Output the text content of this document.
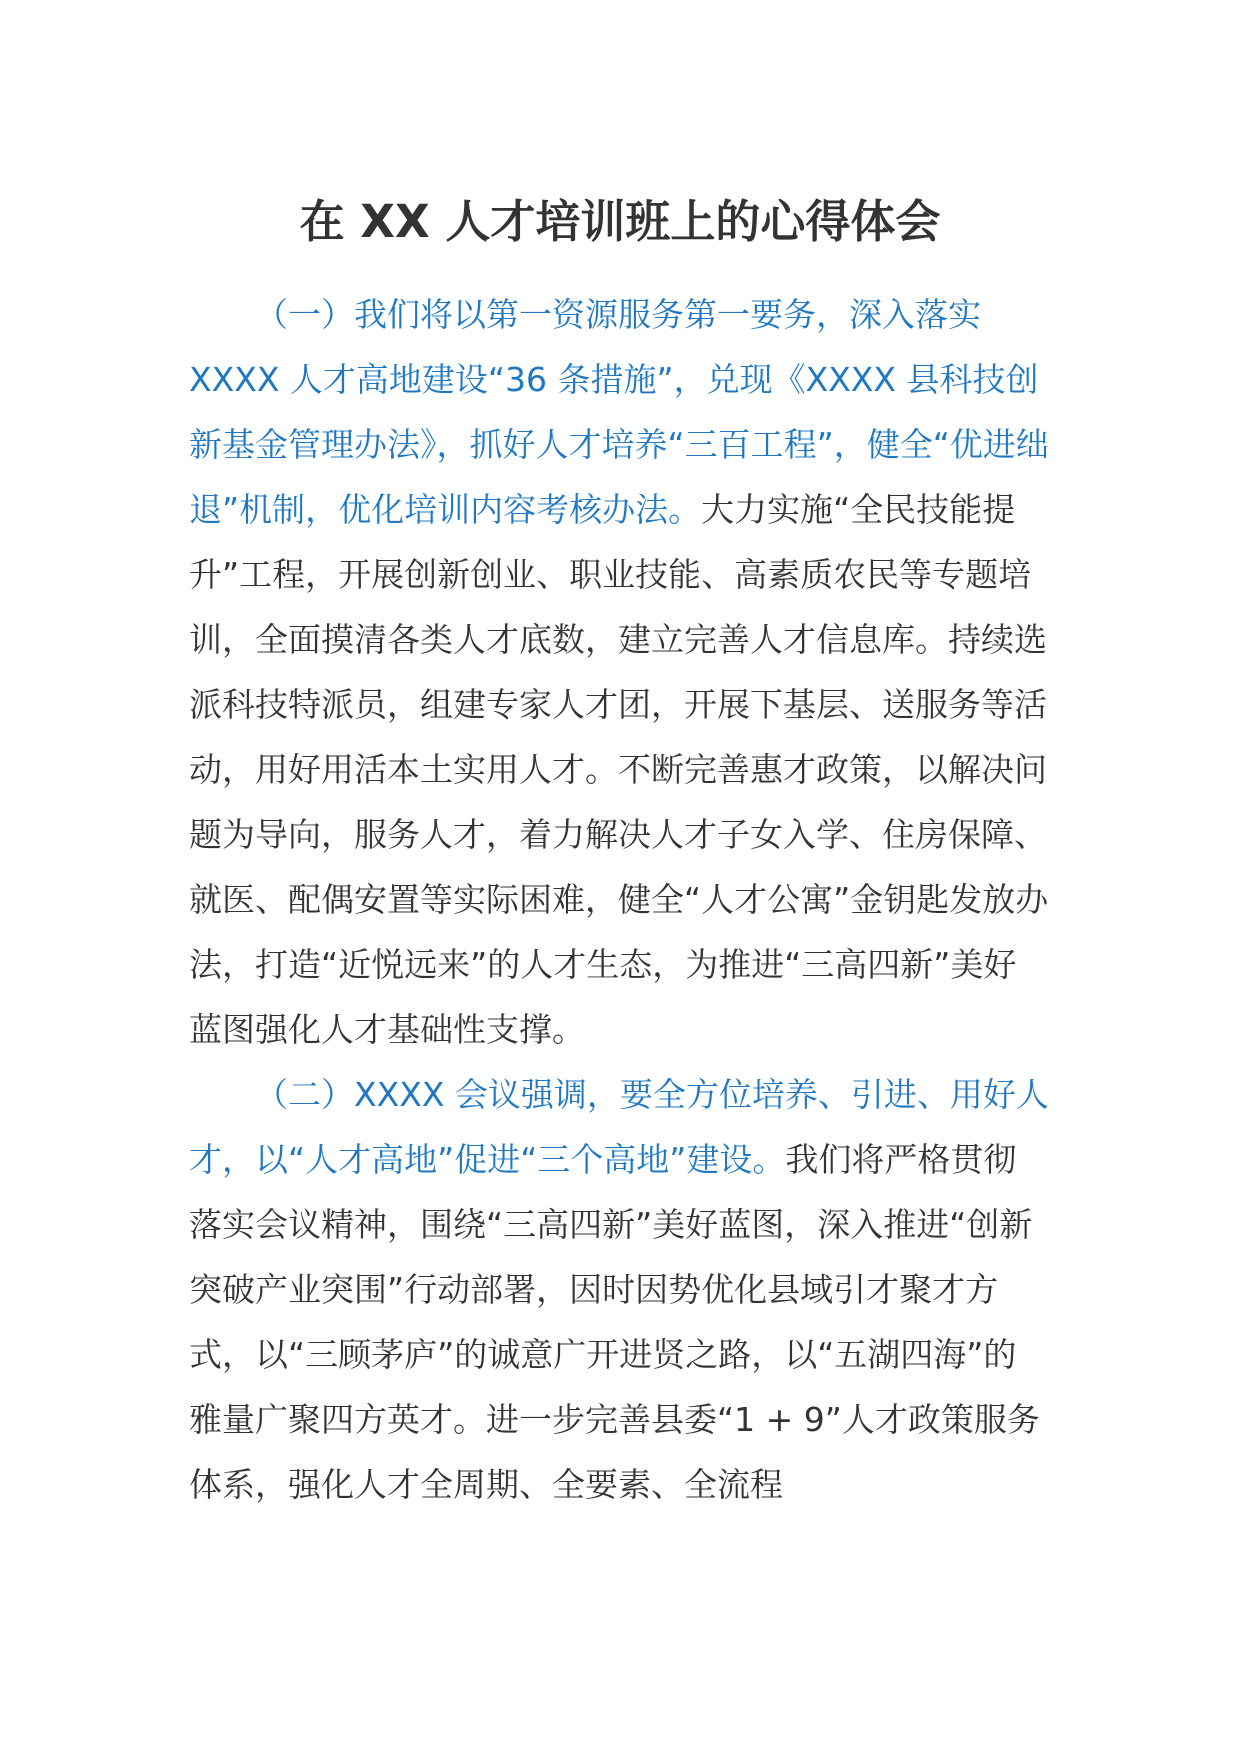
在 XX 人才培训班上的心得体会

（一）我们将以第一资源服务第一要务，深入落实 XXXX 人才高地建设“36 条措施”，兑现《XXXX 县科技创新基金管理办法》，抓好人才培养“三百工程”，健全“优进绌退”机制，优化培训内容考核办法。大力实施“全民技能提升”工程，开展创新创业、职业技能、高素质农民等专题培训，全面摸清各类人才底数，建立完善人才信息库。持续选派科技特派员，组建专家人才团，开展下基层、送服务等活动，用好用活本土实用人才。不断完善惠才政策，以解决问题为导向，服务人才，着力解决人才子女入学、住房保障、就医、配偶安置等实际困难，健全“人才公寓”金钥匙发放办法，打造“近悦远来”的人才生态，为推进“三高四新”美好蓝图强化人才基础性支撑。

（二）XXXX 会议强调，要全方位培养、引进、用好人才，以“人才高地”促进“三个高地”建设。我们将严格贯彻落实会议精神，围绕“三高四新”美好蓝图，深入推进“创新突破产业突围”行动部署，因时因势优化县域引才聚才方式，以“三顾茅庐”的诚意广开进贤之路，以“五湖四海”的雅量广聚四方英才。进一步完善县委“1 + 9”人才政策服务体系，强化人才全周期、全要素、全流程
